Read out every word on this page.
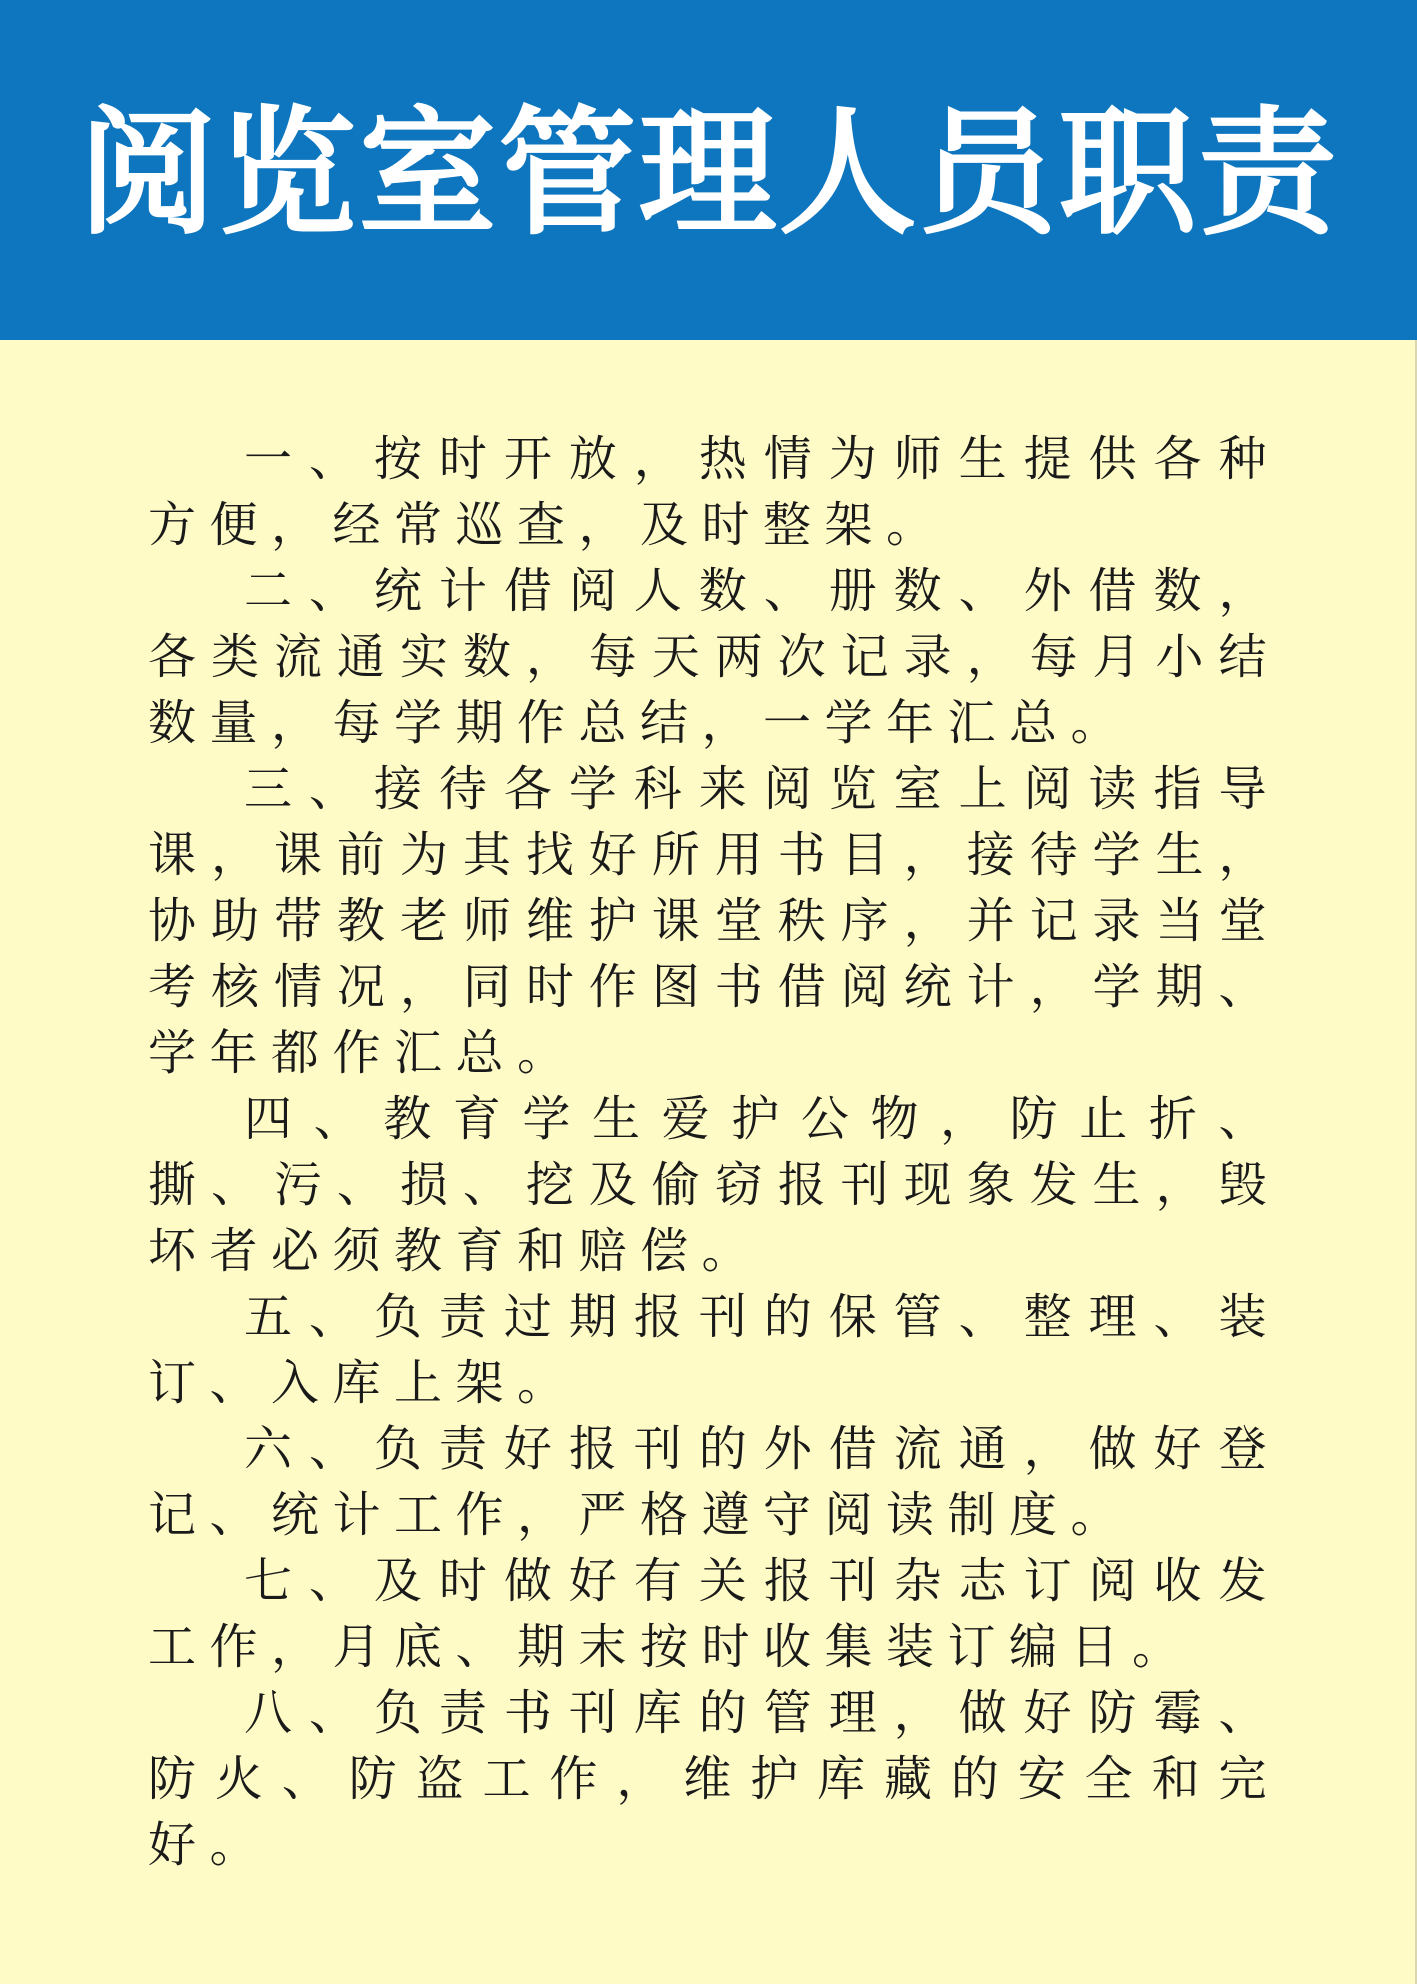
阅览室管理人员职责

一、按时开放，热情为师生提供各种方便，经常巡查，及时整架。

二、统计借阅人数、册数、外借数，各类流通实数，每天两次记录，每月小结数量，每学期作总结，一学年汇总。

三、接待各学科来阅览室上阅读指导课，课前为其找好所用书目，接待学生，协助带教老师维护课堂秩序，并记录当堂考核情况，同时作图书借阅统计，学期、学年都作汇总。

四、教育学生爱护公物，防止折、撕、污、损、挖及偷窃报刊现象发生，毁坏者必须教育和赔偿。

五、负责过期报刊的保管、整理、装订、入库上架。

六、负责好报刊的外借流通，做好登记、统计工作，严格遵守阅读制度。

七、及时做好有关报刊杂志订阅收发工作，月底、期末按时收集装订编日。

八、负责书刊库的管理，做好防霉、防火、防盗工作，维护库藏的安全和完好。
